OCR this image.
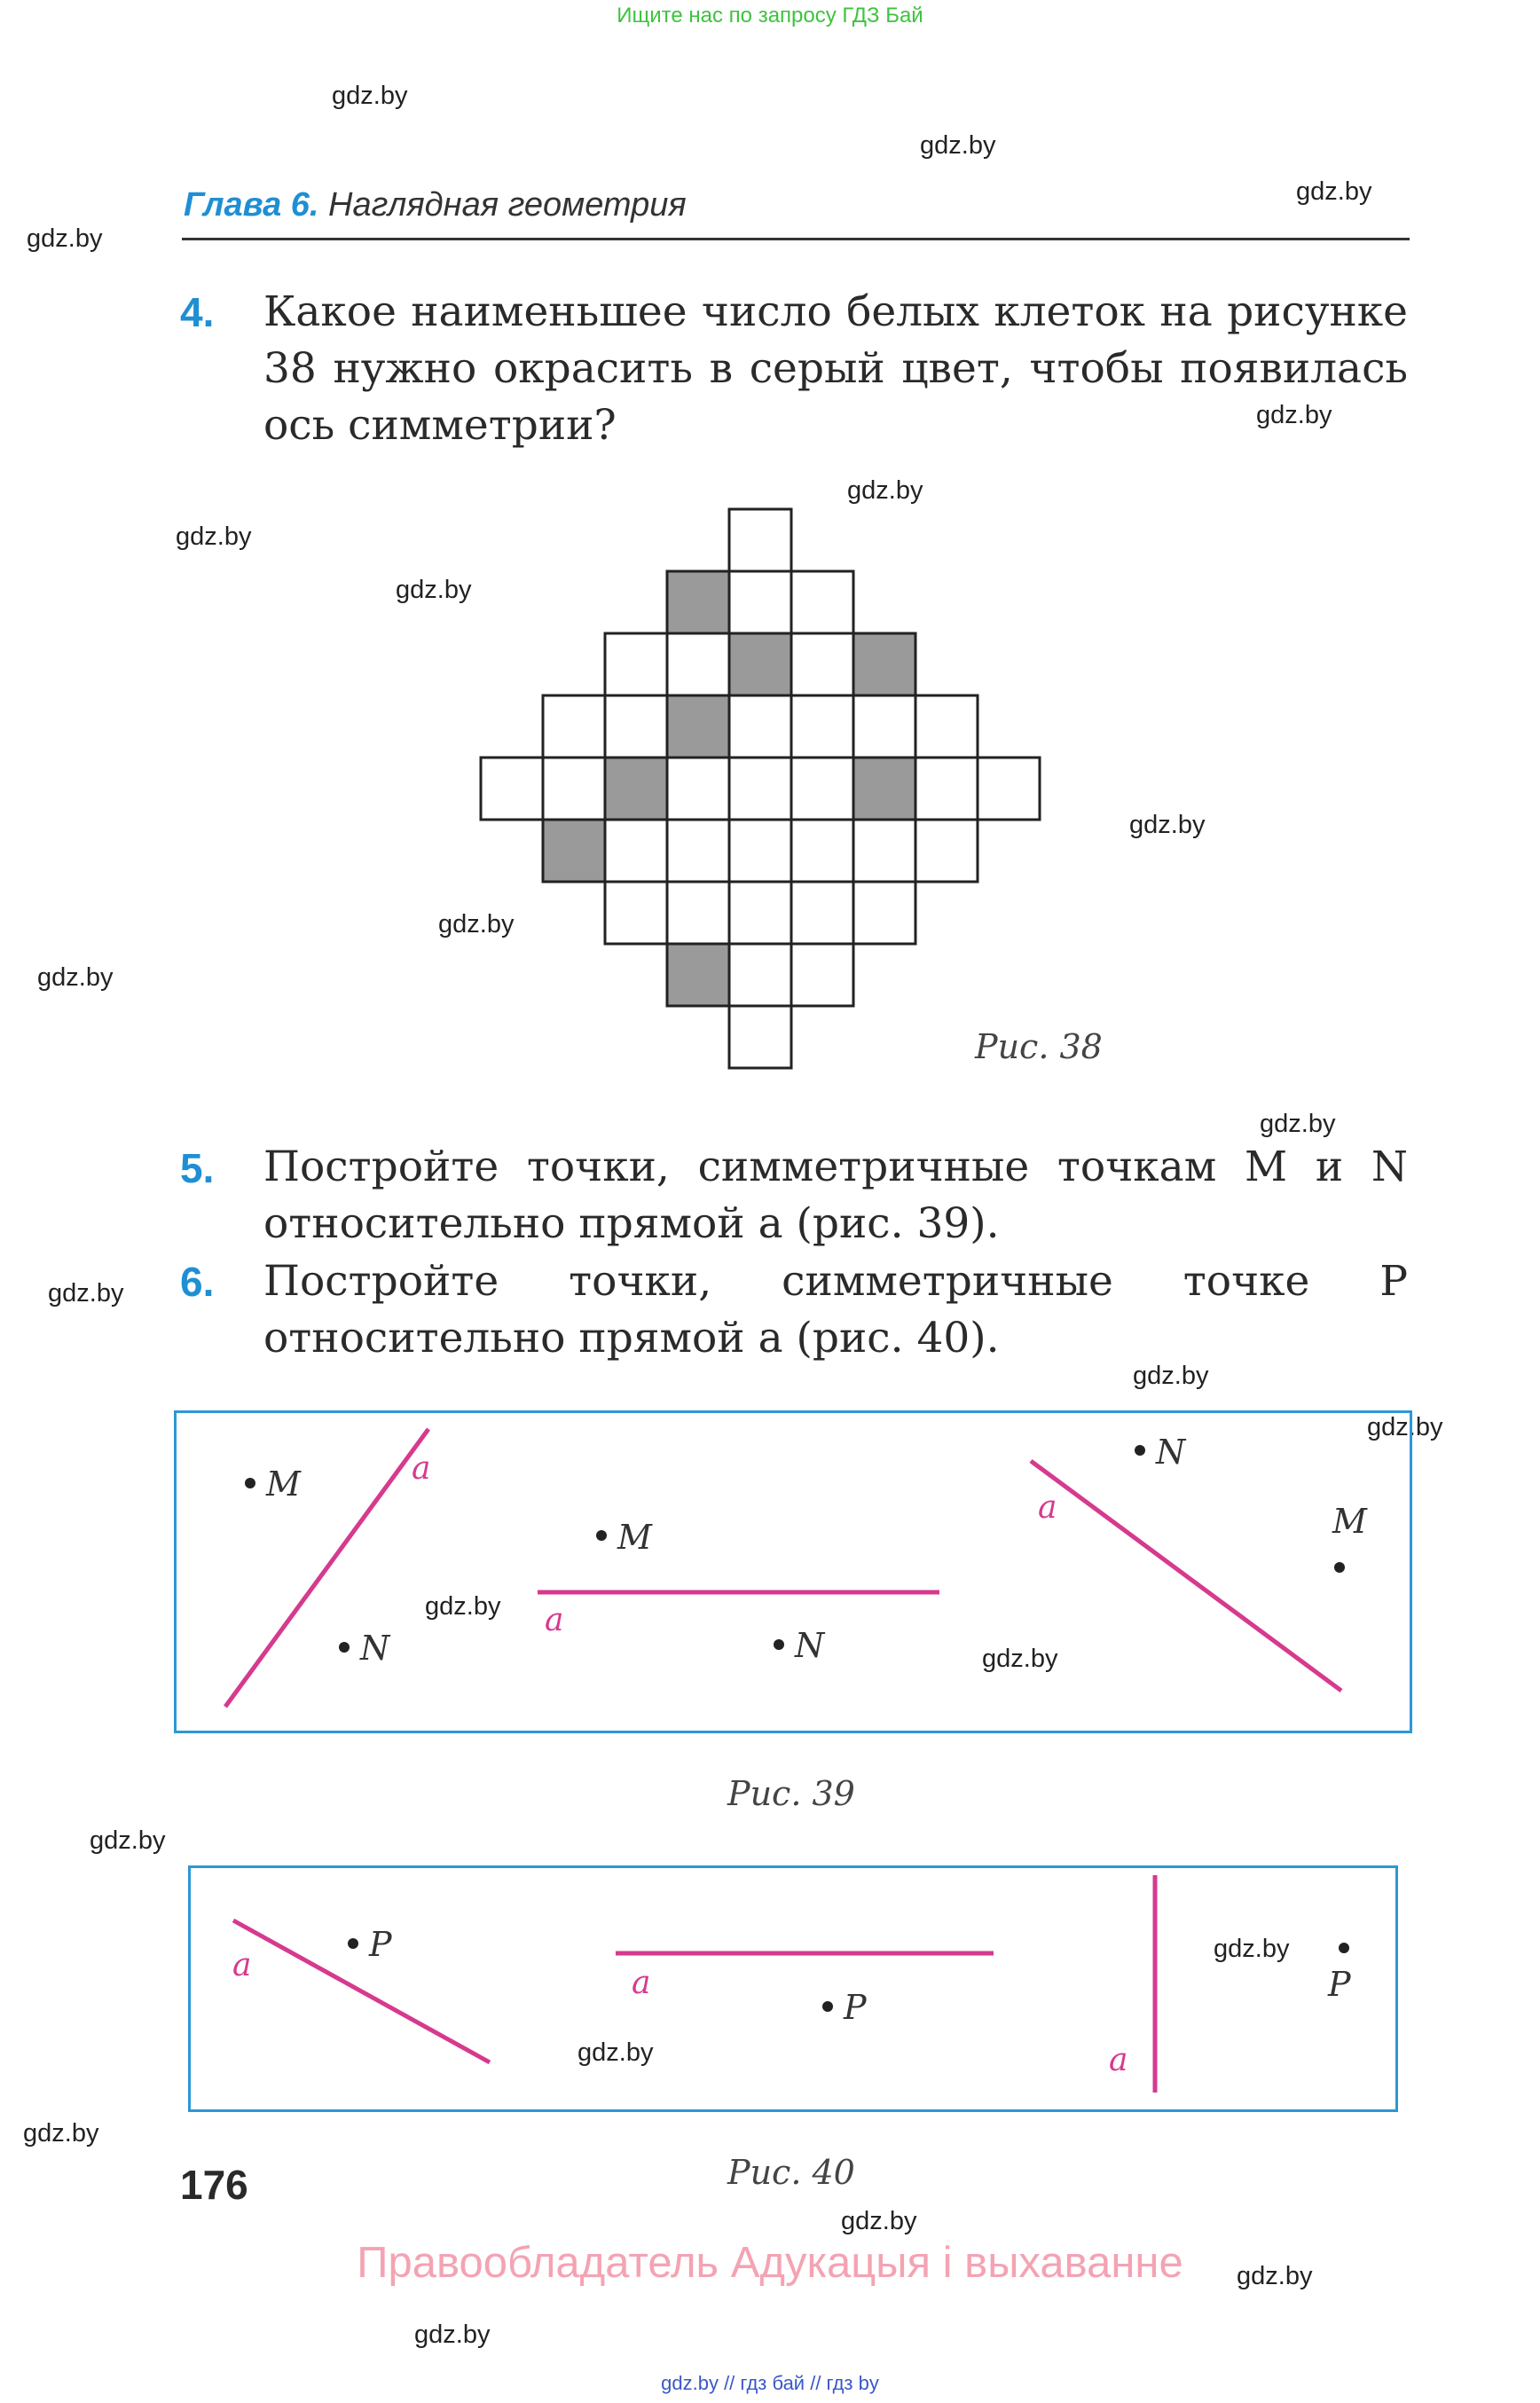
Ищите нас по запросу ГДЗ Бай
gdz.by
gdz.by
gdz.by
gdz.by
gdz.by
gdz.by
gdz.by
gdz.by
gdz.by
gdz.by
gdz.by
gdz.by
gdz.by
gdz.by
gdz.by
gdz.by
gdz.by
gdz.by
gdz.by
gdz.by
gdz.by
gdz.by
gdz.by
gdz.by
Глава 6. Наглядная геометрия
4. Какое наименьшее число белых клеток на рисунке 38 нужно окрасить в серый цвет, чтобы появилась ось симметрии?
Рис. 38
5. Постройте точки, симметричные точкам M и N относительно прямой a (рис. 39).
6. Постройте точки, симметричные точке P относительно прямой a (рис. 40).
a
M
N
a
M
N
a
N
M
Рис. 39
a
P
a
P
a
P
Рис. 40
176
Правообладатель Адукацыя і выхаванне
gdz.by // гдз бай // гдз by
